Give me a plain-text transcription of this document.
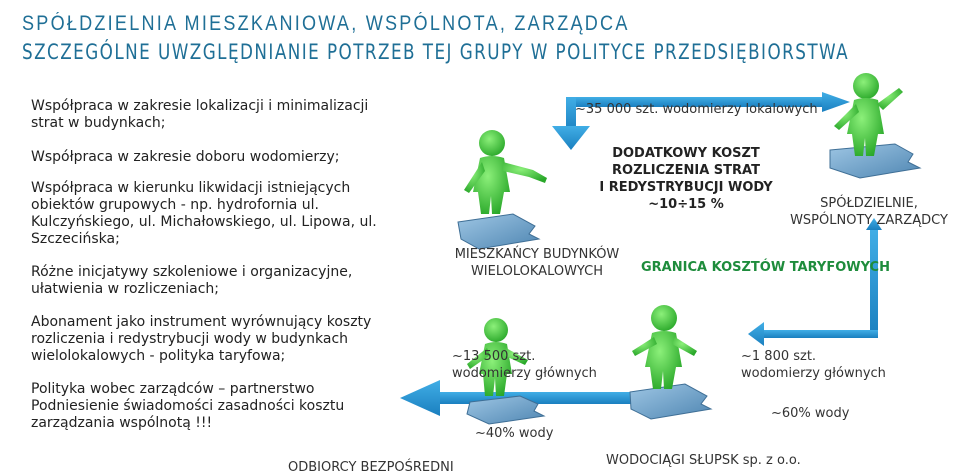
SPÓŁDZIELNIA MIESZKANIOWA, WSPÓLNOTA, ZARZĄDCA
SZCZEGÓLNE UWZGLĘDNIANIE POTRZEB TEJ GRUPY W POLITYCE PRZEDSIĘBIORSTWA

Współpraca w zakresie lokalizacji i minimalizacji strat w budynkach;

Współpraca w zakresie doboru wodomierzy;

Współpraca w kierunku likwidacji istniejących obiektów grupowych - np. hydrofornia ul. Kulczyńskiego, ul. Michałowskiego, ul. Lipowa, ul. Szczecińska;

Różne inicjatywy szkoleniowe i organizacyjne, ułatwienia w rozliczeniach;

Abonament jako instrument wyrównujący koszty rozliczenia i redystrybucji wody w budynkach wielolokalowych - polityka taryfowa;

Polityka wobec zarządców – partnerstwo

Podniesienie świadomości zasadności kosztu zarządzania wspólnotą !!!

~35 000 szt. wodomierzy lokalowych
DODATKOWY KOSZT
ROZLICZENIA STRAT
I REDYSTRYBUCJI WODY
~10÷15 %	SPÓŁDZIELNIE, WSPÓLNOTY ZARZĄDCY
GRANICA KOSZTÓW TARYFOWYCH
MIESZKAŃCY BUDYNKÓW WIELOLOKALOWYCH
~13 500 szt. wodomierzy głównych
~40% wody
ODBIORCY BEZPOŚREDNI
~1 800 szt. wodomierzy głównych
~60% wody
WODOCIĄGI SŁUPSK sp. z o.o.
